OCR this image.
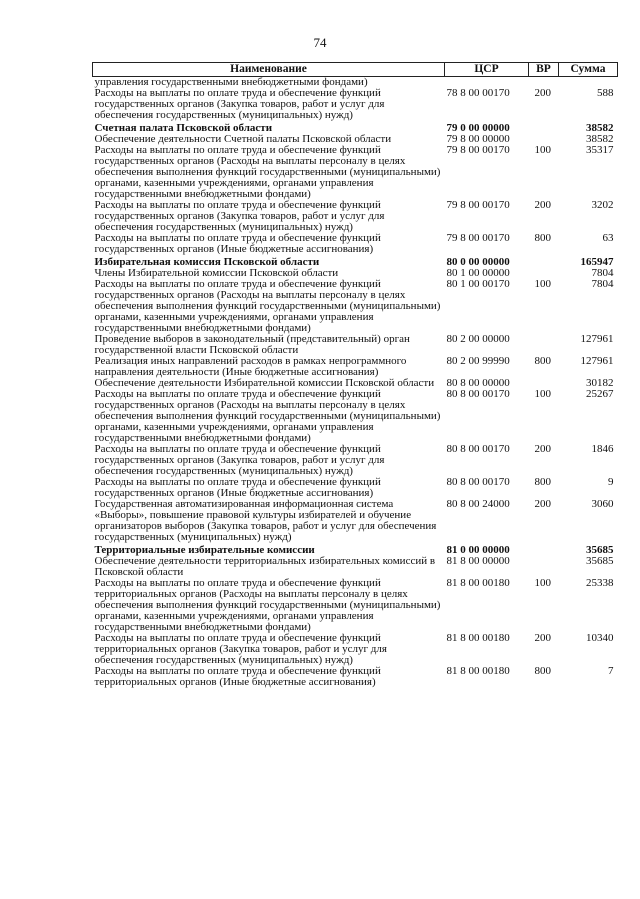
74
Наименование	ЦСР	ВР	Сумма
управления государственными внебюджетными фондами)			
Расходы на выплаты по оплате труда и обеспечение функций государственных органов (Закупка товаров, работ и услуг для обеспечения государственных (муниципальных) нужд)	78 8 00 00170	200	588
Счетная палата Псковской области	79 0 00 00000		38582
Обеспечение деятельности Счетной палаты Псковской области	79 8 00 00000		38582
Расходы на выплаты по оплате труда и обеспечение функций государственных органов (Расходы на выплаты персоналу в целях обеспечения выполнения функций государственными (муниципальными) органами, казенными учреждениями, органами управления государственными внебюджетными фондами)	79 8 00 00170	100	35317
Расходы на выплаты по оплате труда и обеспечение функций государственных органов (Закупка товаров, работ и услуг для обеспечения государственных (муниципальных) нужд)	79 8 00 00170	200	3202
Расходы на выплаты по оплате труда и обеспечение функций государственных органов (Иные бюджетные ассигнования)	79 8 00 00170	800	63
Избирательная комиссия Псковской области	80 0 00 00000		165947
Члены Избирательной комиссии Псковской области	80 1 00 00000		7804
Расходы на выплаты по оплате труда и обеспечение функций государственных органов (Расходы на выплаты персоналу в целях обеспечения выполнения функций государственными (муниципальными) органами, казенными учреждениями, органами управления государственными внебюджетными фондами)	80 1 00 00170	100	7804
Проведение выборов в законодательный (представительный) орган государственной власти Псковской области	80 2 00 00000		127961
Реализация иных направлений расходов в рамках непрограммного направления деятельности (Иные бюджетные ассигнования)	80 2 00 99990	800	127961
Обеспечение деятельности Избирательной комиссии Псковской области	80 8 00 00000		30182
Расходы на выплаты по оплате труда и обеспечение функций государственных органов (Расходы на выплаты персоналу в целях обеспечения выполнения функций государственными (муниципальными) органами, казенными учреждениями, органами управления государственными внебюджетными фондами)	80 8 00 00170	100	25267
Расходы на выплаты по оплате труда и обеспечение функций государственных органов (Закупка товаров, работ и услуг для обеспечения государственных (муниципальных) нужд)	80 8 00 00170	200	1846
Расходы на выплаты по оплате труда и обеспечение функций государственных органов (Иные бюджетные ассигнования)	80 8 00 00170	800	9
Государственная автоматизированная информационная система «Выборы», повышение правовой культуры избирателей и обучение организаторов выборов (Закупка товаров, работ и услуг для обеспечения государственных (муниципальных) нужд)	80 8 00 24000	200	3060
Территориальные избирательные комиссии	81 0 00 00000		35685
Обеспечение деятельности территориальных избирательных комиссий в Псковской области	81 8 00 00000		35685
Расходы на выплаты по оплате труда и обеспечение функций территориальных органов (Расходы на выплаты персоналу в целях обеспечения выполнения функций государственными (муниципальными) органами, казенными учреждениями, органами управления государственными внебюджетными фондами)	81 8 00 00180	100	25338
Расходы на выплаты по оплате труда и обеспечение функций территориальных органов (Закупка товаров, работ и услуг для обеспечения государственных (муниципальных) нужд)	81 8 00 00180	200	10340
Расходы на выплаты по оплате труда и обеспечение функций территориальных органов (Иные бюджетные ассигнования)	81 8 00 00180	800	7
